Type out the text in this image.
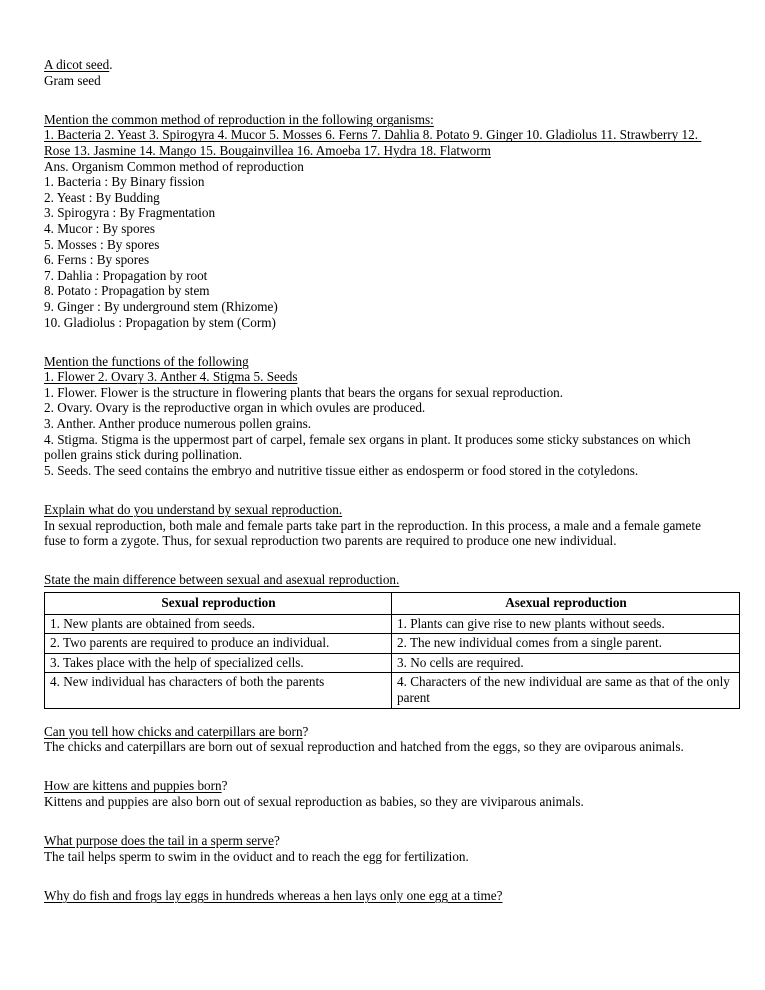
A dicot seed.
Gram seed
Mention the common method of reproduction in the following organisms:
1. Bacteria 2. Yeast 3. Spirogyra 4. Mucor 5. Mosses 6. Ferns 7. Dahlia 8. Potato 9. Ginger 10. Gladiolus 11. Strawberry 12. Rose 13. Jasmine 14. Mango 15. Bougainvillea 16. Amoeba 17. Hydra 18. Flatworm
Ans. Organism Common method of reproduction
1. Bacteria : By Binary fission
2. Yeast : By Budding
3. Spirogyra : By Fragmentation
4. Mucor : By spores
5. Mosses : By spores
6. Ferns : By spores
7. Dahlia : Propagation by root
8. Potato : Propagation by stem
9. Ginger : By underground stem (Rhizome)
10. Gladiolus : Propagation by stem (Corm)
Mention the functions of the following
1. Flower 2. Ovary 3. Anther 4. Stigma 5. Seeds
1. Flower. Flower is the structure in flowering plants that bears the organs for sexual reproduction.
2. Ovary. Ovary is the reproductive organ in which ovules are produced.
3. Anther. Anther produce numerous pollen grains.
4. Stigma. Stigma is the uppermost part of carpel, female sex organs in plant. It produces some sticky substances on which pollen grains stick during pollination.
5. Seeds. The seed contains the embryo and nutritive tissue either as endosperm or food stored in the cotyledons.
Explain what do you understand by sexual reproduction.
In sexual reproduction, both male and female parts take part in the reproduction. In this process, a male and a female gamete fuse to form a zygote. Thus, for sexual reproduction two parents are required to produce one new individual.
State the main difference between sexual and asexual reproduction.
Sexual reproduction	Asexual reproduction
1. New plants are obtained from seeds.	1. Plants can give rise to new plants without seeds.
2. Two parents are required to produce an individual.	2. The new individual comes from a single parent.
3. Takes place with the help of specialized cells.	3. No cells are required.
4. New individual has characters of both the parents	4. Characters of the new individual are same as that of the only parent
Can you tell how chicks and caterpillars are born?
The chicks and caterpillars are born out of sexual reproduction and hatched from the eggs, so they are oviparous animals.
How are kittens and puppies born?
Kittens and puppies are also born out of sexual reproduction as babies, so they are viviparous animals.
What purpose does the tail in a sperm serve?
The tail helps sperm to swim in the oviduct and to reach the egg for fertilization.
Why do fish and frogs lay eggs in hundreds whereas a hen lays only one egg at a time?
